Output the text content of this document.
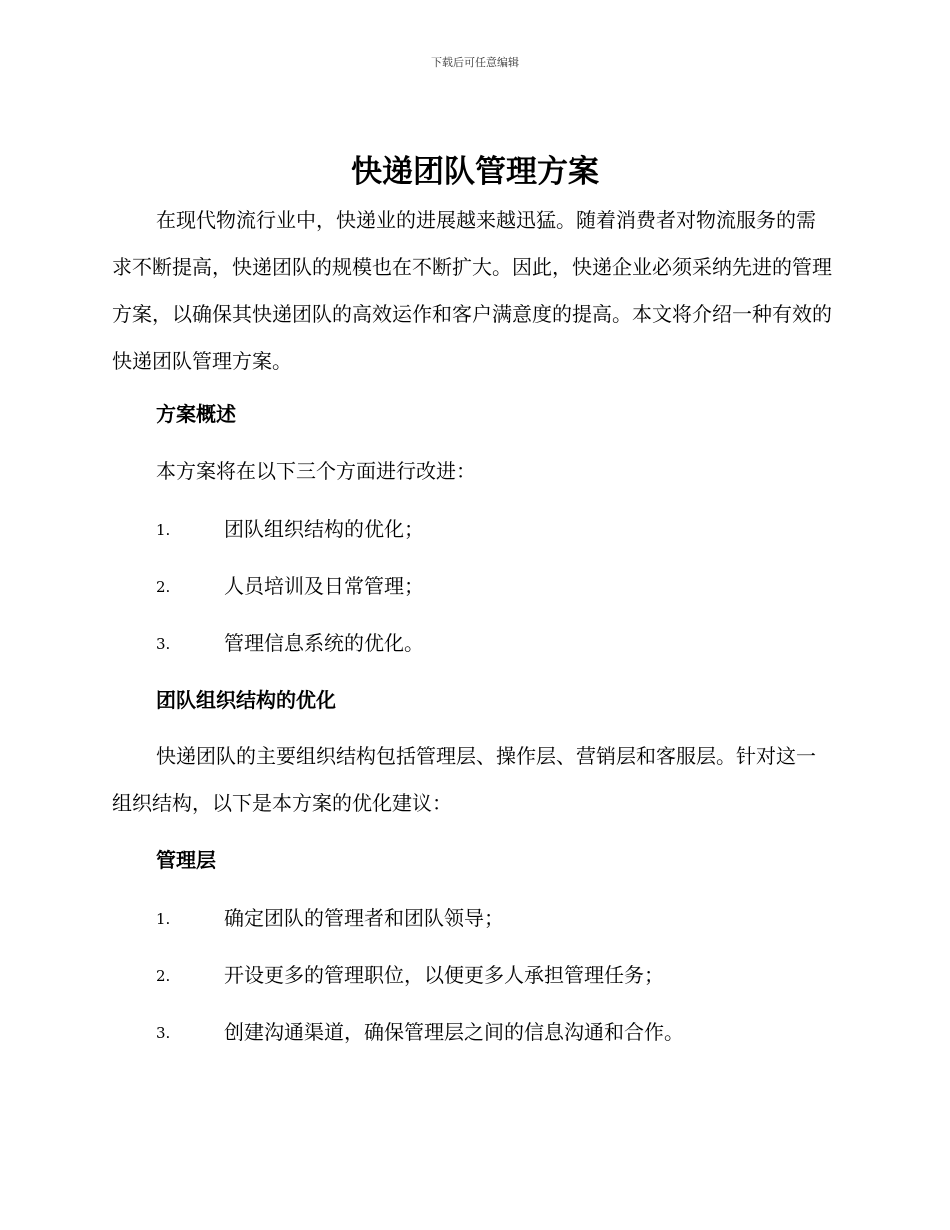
下载后可任意编辑
快递团队管理方案

在现代物流行业中，快递业的进展越来越迅猛。随着消费者对物流服务的需求不断提高，快递团队的规模也在不断扩大。因此，快递企业必须采纳先进的管理方案，以确保其快递团队的高效运作和客户满意度的提高。本文将介绍一种有效的快递团队管理方案。

方案概述

本方案将在以下三个方面进行改进：

1.	团队组织结构的优化；
2.	人员培训及日常管理；
3.	管理信息系统的优化。
团队组织结构的优化

快递团队的主要组织结构包括管理层、操作层、营销层和客服层。针对这一组织结构，以下是本方案的优化建议：

管理层
1.	确定团队的管理者和团队领导；
2.	开设更多的管理职位，以便更多人承担管理任务；
3.	创建沟通渠道，确保管理层之间的信息沟通和合作。
